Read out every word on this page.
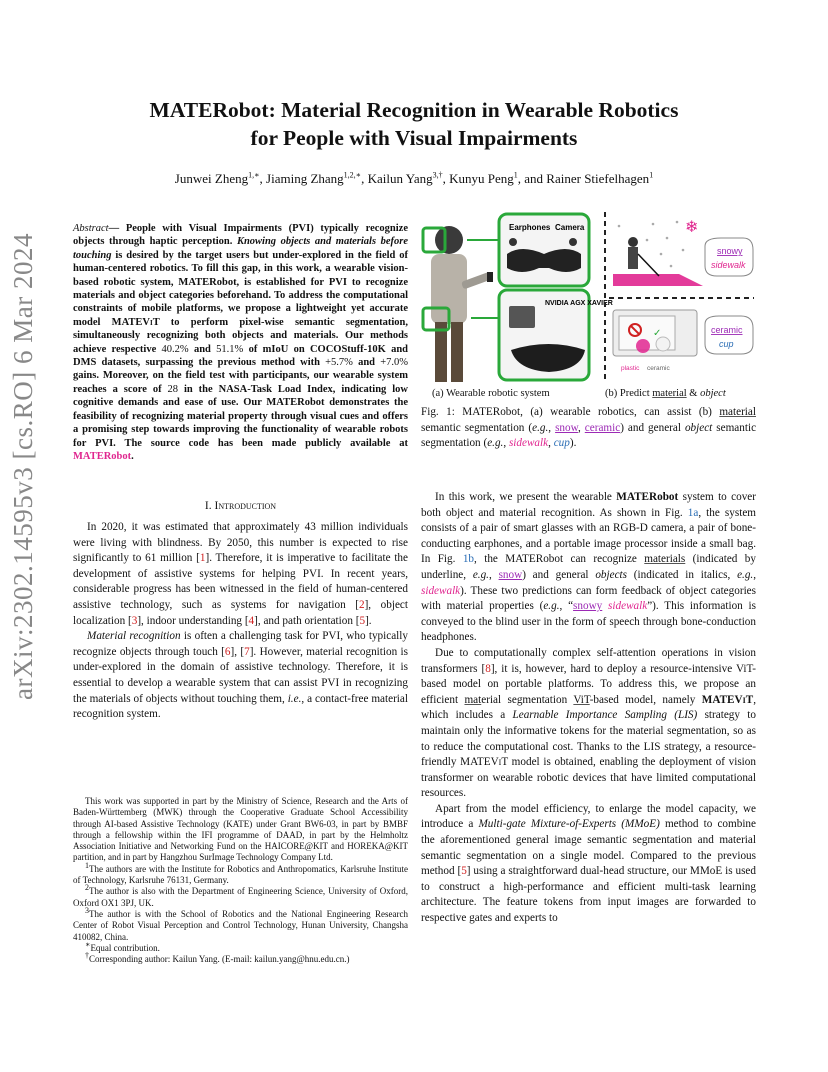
MATERobot: Material Recognition in Wearable Robotics
for People with Visual Impairments
Junwei Zheng$^{1,∗}$, Jiaming Zhang$^{1,2,∗}$, Kailun Yang$^{3,\dagger}$, Kunyu Peng$^1$, and Rainer Stiefelhagen$^1$
arXiv:2302.14595v3 [cs.RO] 6 Mar 2024
Abstract— People with Visual Impairments (PVI) typically recognize objects through haptic perception. Knowing objects and materials before touching is desired by the target users but under-explored in the field of human-centered robotics. To fill this gap, in this work, a wearable vision-based robotic system, MATERobot, is established for PVI to recognize materials and object categories beforehand. To address the computational constraints of mobile platforms, we propose a lightweight yet accurate model MATEViT to perform pixel-wise semantic segmentation, simultaneously recognizing both objects and materials. Our methods achieve respective 40.2% and 51.1% of mIoU on COCOStuff-10K and DMS datasets, surpassing the previous method with +5.7% and +7.0% gains. Moreover, on the field test with participants, our wearable system reaches a score of 28 in the NASA-Task Load Index, indicating low cognitive demands and ease of use. Our MATERobot demonstrates the feasibility of recognizing material property through visual cues and offers a promising step towards improving the functionality of wearable robots for PVI. The source code has been made publicly available at MATERobot.
I. Introduction

In 2020, it was estimated that approximately 43 million individuals were living with blindness. By 2050, this number is expected to rise significantly to 61 million [1]. Therefore, it is imperative to facilitate the development of assistive systems for helping PVI. In recent years, considerable progress has been witnessed in the field of human-centered assistive technology, such as systems for navigation [2], object localization [3], indoor understanding [4], and path orientation [5].

Material recognition is often a challenging task for PVI, who typically recognize objects through touch [6], [7]. However, material recognition is under-explored in the domain of assistive technology. Therefore, it is essential to develop a wearable system that can assist PVI in recognizing the materials of objects without touching them, i.e., a contact-free material recognition system.

This work was supported in part by the Ministry of Science, Research and the Arts of Baden-Württemberg (MWK) through the Cooperative Graduate School Accessibility through AI-based Assistive Technology (KATE) under Grant BW6-03, in part by BMBF through a fellowship within the IFI programme of DAAD, in part by the Helmholtz Association Initiative and Networking Fund on the HAICORE@KIT and HOREKA@KIT partition, and in part by Hangzhou SurImage Technology Company Ltd.

$^1$The authors are with the Institute for Robotics and Anthropomatics, Karlsruhe Institute of Technology, Karlsruhe 76131, Germany.

$^2$The author is also with the Department of Engineering Science, University of Oxford, Oxford OX1 3PJ, UK.

$^3$The author is with the School of Robotics and the National Engineering Research Center of Robot Visual Perception and Control Technology, Hunan University, Changsha 410082, China.

∗Equal contribution.

†Corresponding author: Kailun Yang. (E-mail: kailun.yang@hnu.edu.cn.)

Earphones Camera
NVIDIA AGX XAVIER
❄
snowy
sidewalk
✓
plastic ceramic
ceramic
cup
(a) Wearable robotic system	(b) Predict material & object
Fig. 1: MATERobot, (a) wearable robotics, can assist (b) material semantic segmentation (e.g., snow, ceramic) and general object semantic segmentation (e.g., sidewalk, cup).

In this work, we present the wearable MATERobot system to cover both object and material recognition. As shown in Fig. 1a, the system consists of a pair of smart glasses with an RGB-D camera, a pair of bone-conducting earphones, and a portable image processor inside a small bag. In Fig. 1b, the MATERobot can recognize materials (indicated by underline, e.g., snow) and general objects (indicated in italics, e.g., sidewalk). These two predictions can form feedback of object categories with material properties (e.g., “snowy sidewalk”). This information is conveyed to the blind user in the form of speech through bone-conduction headphones.

Due to computationally complex self-attention operations in vision transformers [8], it is, however, hard to deploy a resource-intensive ViT-based model on portable platforms. To address this, we propose an efficient material segmentation ViT-based model, namely MATEViT, which includes a Learnable Importance Sampling (LIS) strategy to maintain only the informative tokens for the material segmentation, so as to reduce the computational cost. Thanks to the LIS strategy, a resource-friendly MATEViT model is obtained, enabling the deployment of vision transformer on wearable robotic devices that have limited computational resources.

Apart from the model efficiency, to enlarge the model capacity, we introduce a Multi-gate Mixture-of-Experts (MMoE) method to combine the aforementioned general image semantic segmentation and material semantic segmentation on a single model. Compared to the previous method [5] using a straightforward dual-head structure, our MMoE is used to construct a high-performance and efficient multi-task learning architecture. The feature tokens from input images are forwarded to respective gates and experts to
